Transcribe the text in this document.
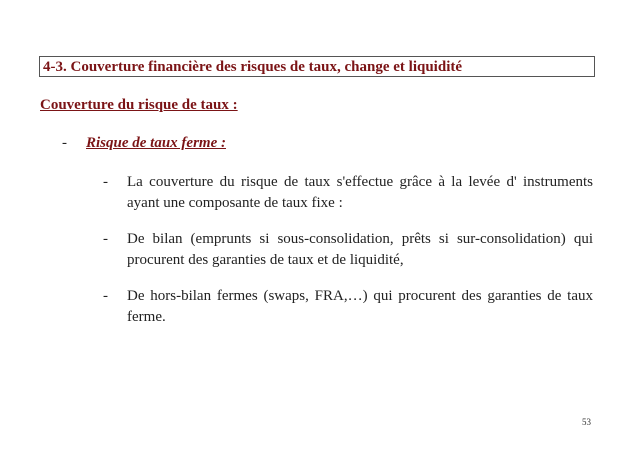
4-3. Couverture financière des risques de taux, change et liquidité
Couverture du risque de taux :
- Risque de taux ferme :
- La couverture du risque de taux s'effectue grâce à la levée d' instruments ayant une composante de taux fixe :
- De bilan (emprunts si sous-consolidation, prêts si sur-consolidation) qui procurent des garanties de taux et de liquidité,
- De hors-bilan fermes (swaps, FRA,…) qui procurent des garanties de taux ferme.
53
